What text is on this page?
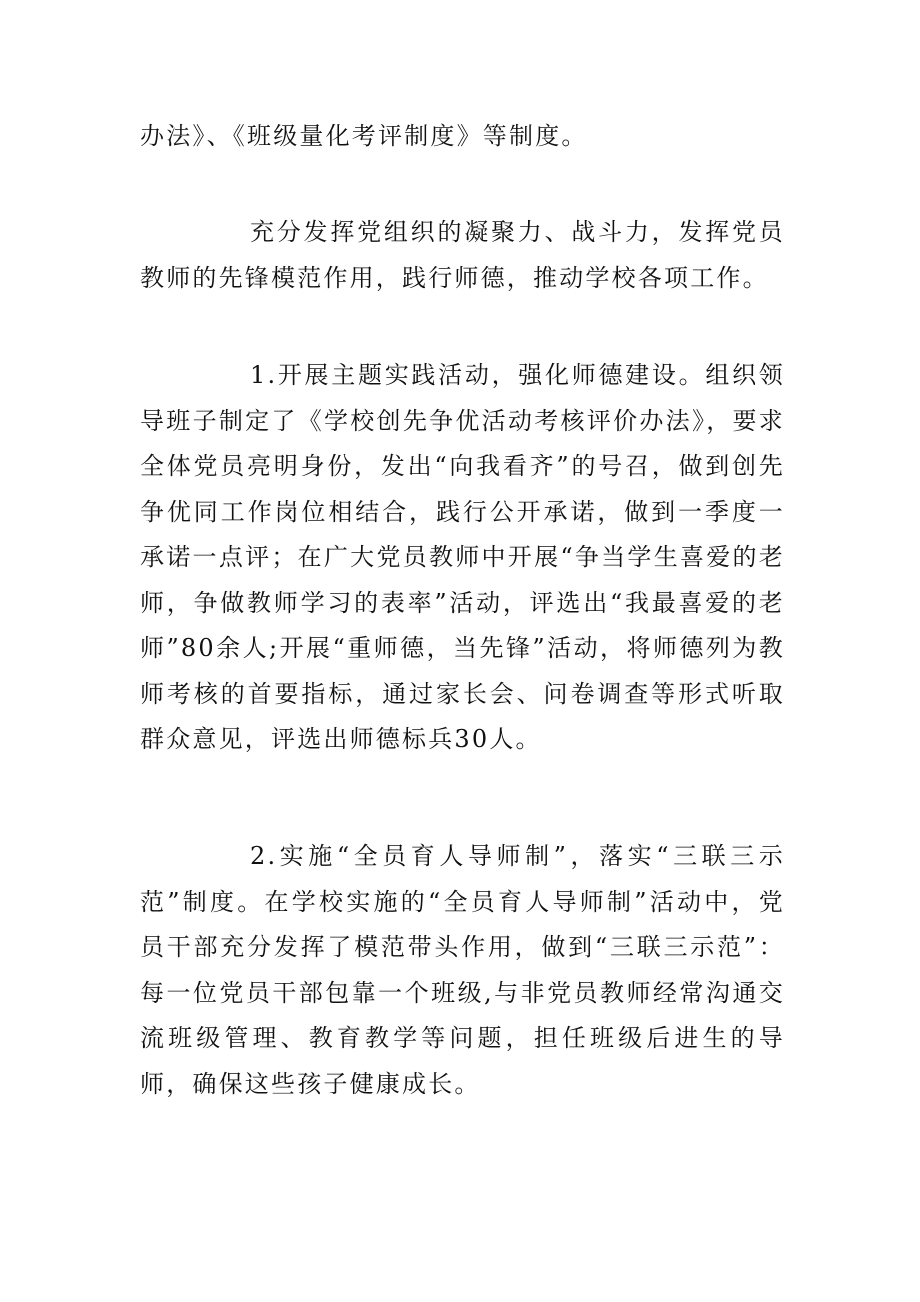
办法》、《班级量化考评制度》等制度。

充分发挥党组织的凝聚力、战斗力，发挥党员教师的先锋模范作用，践行师德，推动学校各项工作。

1.开展主题实践活动，强化师德建设。组织领导班子制定了《学校创先争优活动考核评价办法》，要求全体党员亮明身份，发出“向我看齐”的号召，做到创先争优同工作岗位相结合，践行公开承诺，做到一季度一承诺一点评；在广大党员教师中开展“争当学生喜爱的老师，争做教师学习的表率”活动，评选出“我最喜爱的老师”80余人;开展“重师德，当先锋”活动，将师德列为教师考核的首要指标，通过家长会、问卷调查等形式听取群众意见，评选出师德标兵30人。

2.实施“全员育人导师制”，落实“三联三示范”制度。在学校实施的“全员育人导师制”活动中，党员干部充分发挥了模范带头作用，做到“三联三示范”：每一位党员干部包靠一个班级,与非党员教师经常沟通交流班级管理、教育教学等问题，担任班级后进生的导师，确保这些孩子健康成长。
